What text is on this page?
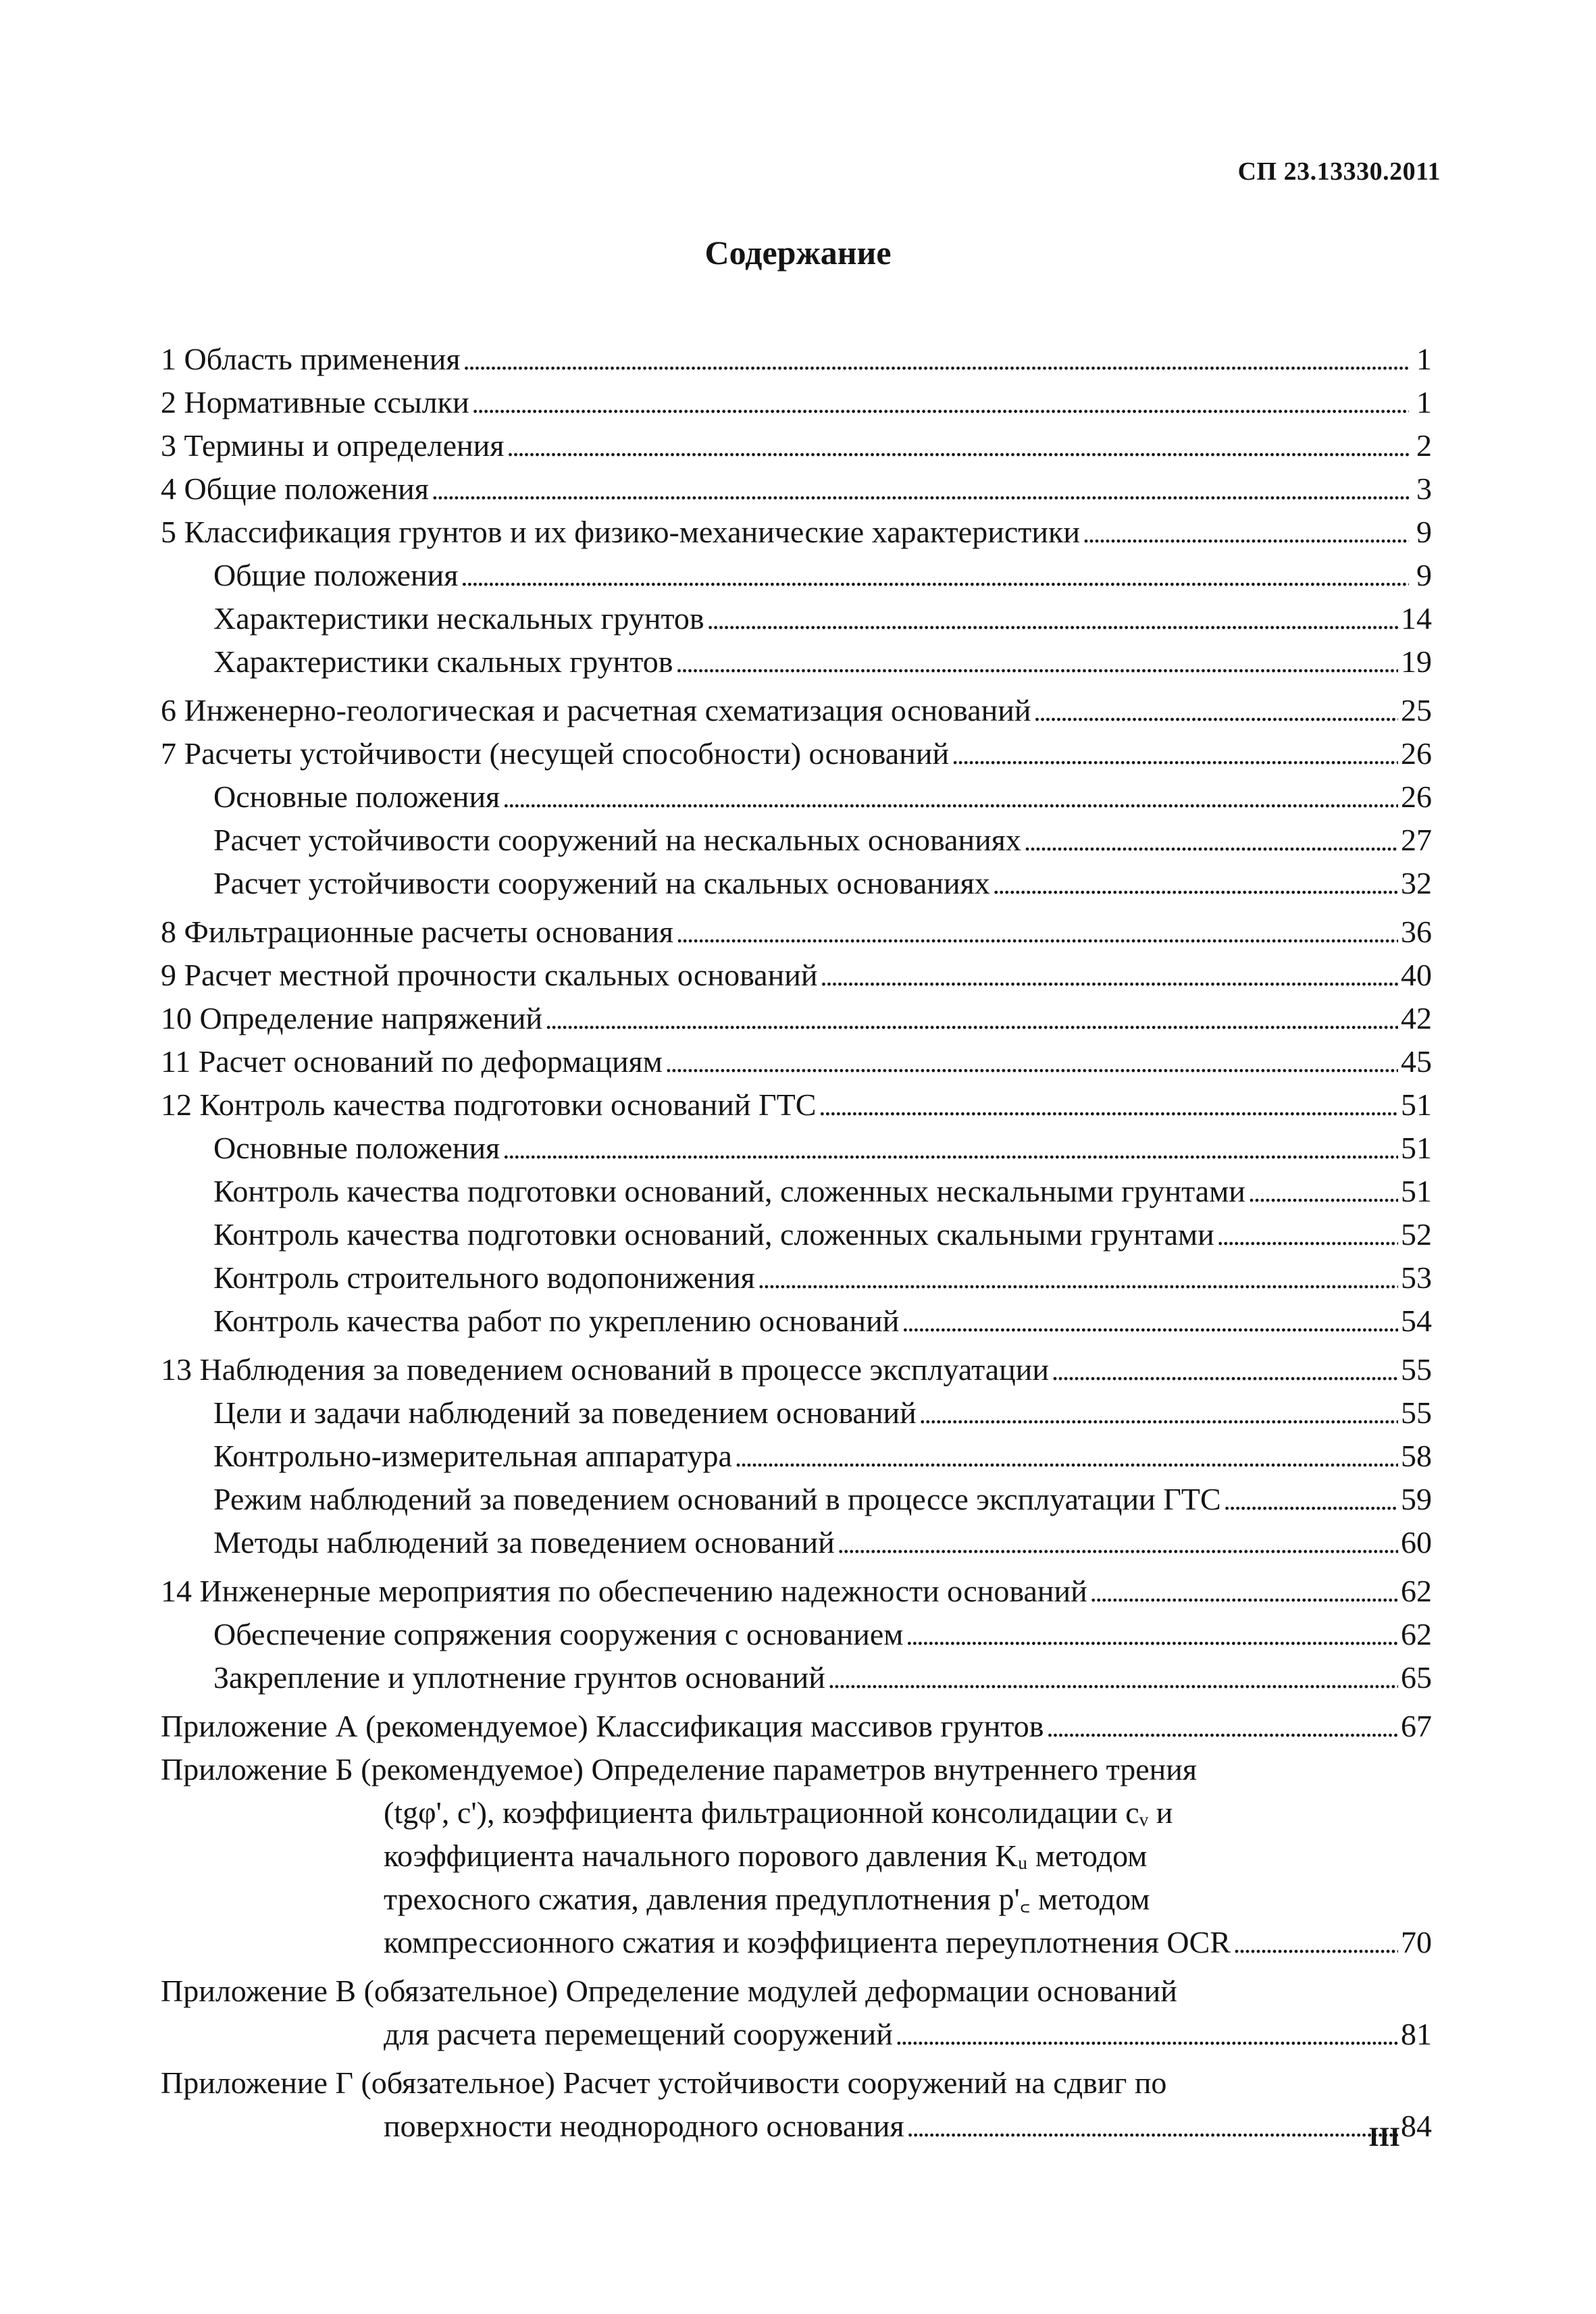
СП 23.13330.2011
Содержание
1 Область применения . . .	1
2 Нормативные ссылки . . .	1
3 Термины и определения . . .	2
4 Общие положения . . .	3
5 Классификация грунтов и их физико-механические характеристики . . .	9
Общие положения . . .	9
Характеристики нескальных грунтов . . .	14
Характеристики скальных грунтов . . .	19
6 Инженерно-геологическая и расчетная схематизация оснований . . .	25
7 Расчеты устойчивости (несущей способности) оснований . . .	26
Основные положения . . .	26
Расчет устойчивости сооружений на нескальных основаниях . . .	27
Расчет устойчивости сооружений на скальных основаниях . . .	32
8 Фильтрационные расчеты основания . . .	36
9 Расчет местной прочности скальных оснований . . .	40
10 Определение напряжений . . .	42
11 Расчет оснований по деформациям . . .	45
12 Контроль качества подготовки оснований ГТС . . .	51
Основные положения . . .	51
Контроль качества подготовки оснований, сложенных нескальными грунтами . . .	51
Контроль качества подготовки оснований, сложенных скальными грунтами . . .	52
Контроль строительного водопонижения . . .	53
Контроль качества работ по укреплению оснований . . .	54
13 Наблюдения за поведением оснований в процессе эксплуатации . . .	55
Цели и задачи наблюдений за поведением оснований . . .	55
Контрольно-измерительная аппаратура . . .	58
Режим наблюдений за поведением оснований в процессе эксплуатации ГТС . . .	59
Методы наблюдений за поведением оснований . . .	60
14 Инженерные мероприятия по обеспечению надежности оснований . . .	62
Обеспечение сопряжения сооружения с основанием . . .	62
Закрепление и уплотнение грунтов оснований . . .	65
Приложение А (рекомендуемое) Классификация массивов грунтов . . .	67
Приложение Б (рекомендуемое) Определение параметров внутреннего трения
(tgφ', c'), коэффициента фильтрационной консолидации cᵥ и
коэффициента начального порового давления Kᵤ методом
трехосного сжатия, давления предуплотнения p'꜀ методом
компрессионного сжатия и коэффициента переуплотнения OCR . . .	70
Приложение В (обязательное) Определение модулей деформации оснований
для расчета перемещений сооружений . . .	81
Приложение Г (обязательное) Расчет устойчивости сооружений на сдвиг по
поверхности неоднородного основания . . .	84
III
